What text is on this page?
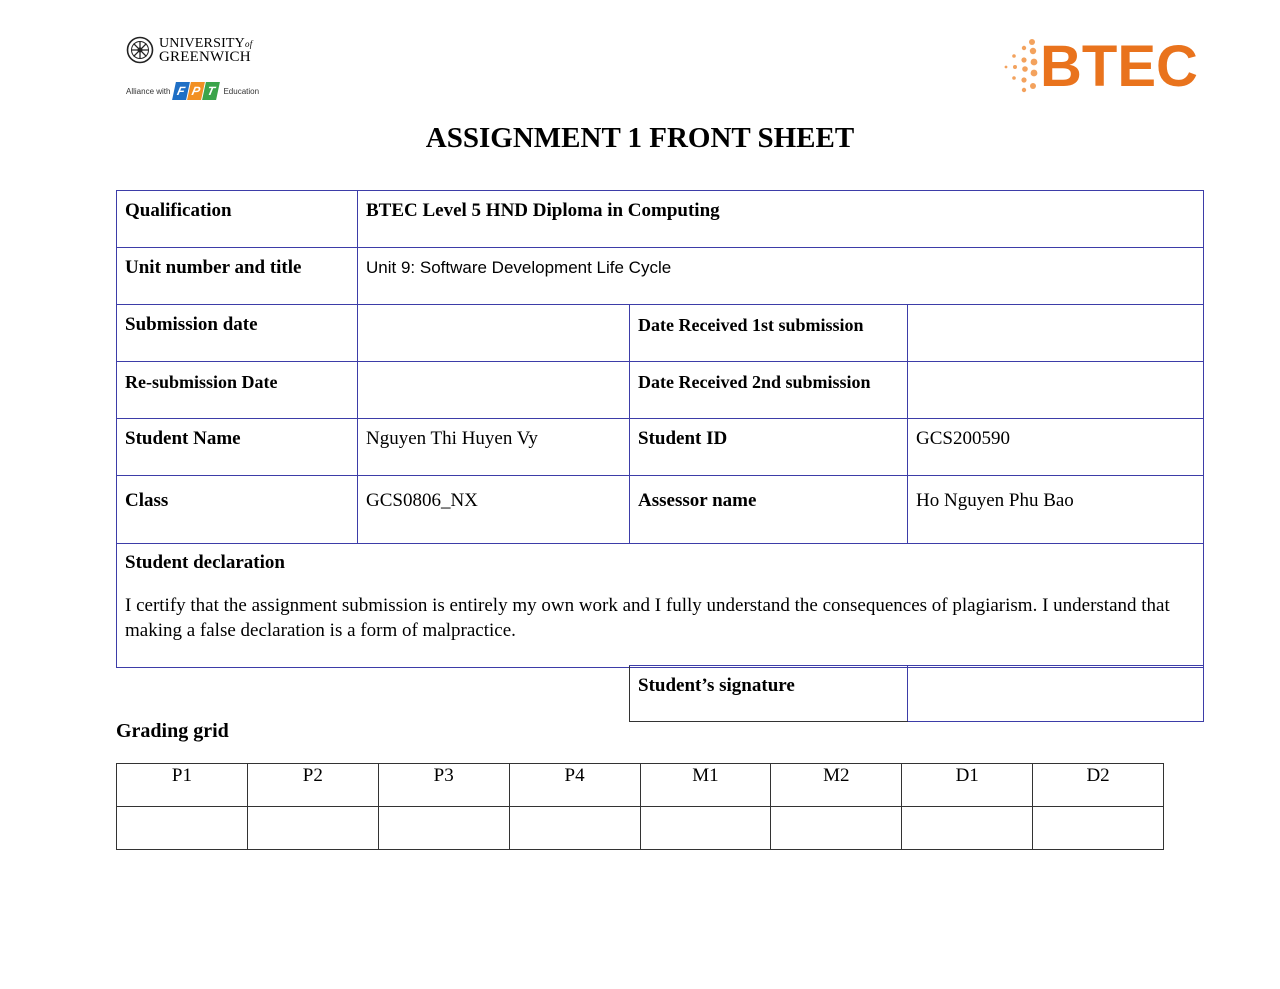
UNIVERSITYof
GREENWICH
Alliance with F P T Education	BTEC
ASSIGNMENT 1 FRONT SHEET
Qualification	BTEC Level 5 HND Diploma in Computing		
Unit number and title	Unit 9: Software Development Life Cycle		
Submission date		Date Received 1st submission	
Re-submission Date		Date Received 2nd submission	
Student Name	Nguyen Thi Huyen Vy	Student ID	GCS200590
Class	GCS0806_NX	Assessor name	Ho Nguyen Phu Bao

Student declaration
I certify that the assignment submission is entirely my own work and I fully understand the consequences of plagiarism. I understand that making a false declaration is a form of malpractice.			
Student’s signature	
Grading grid
P1	P2	P3	P4	M1	M2	D1	D2
